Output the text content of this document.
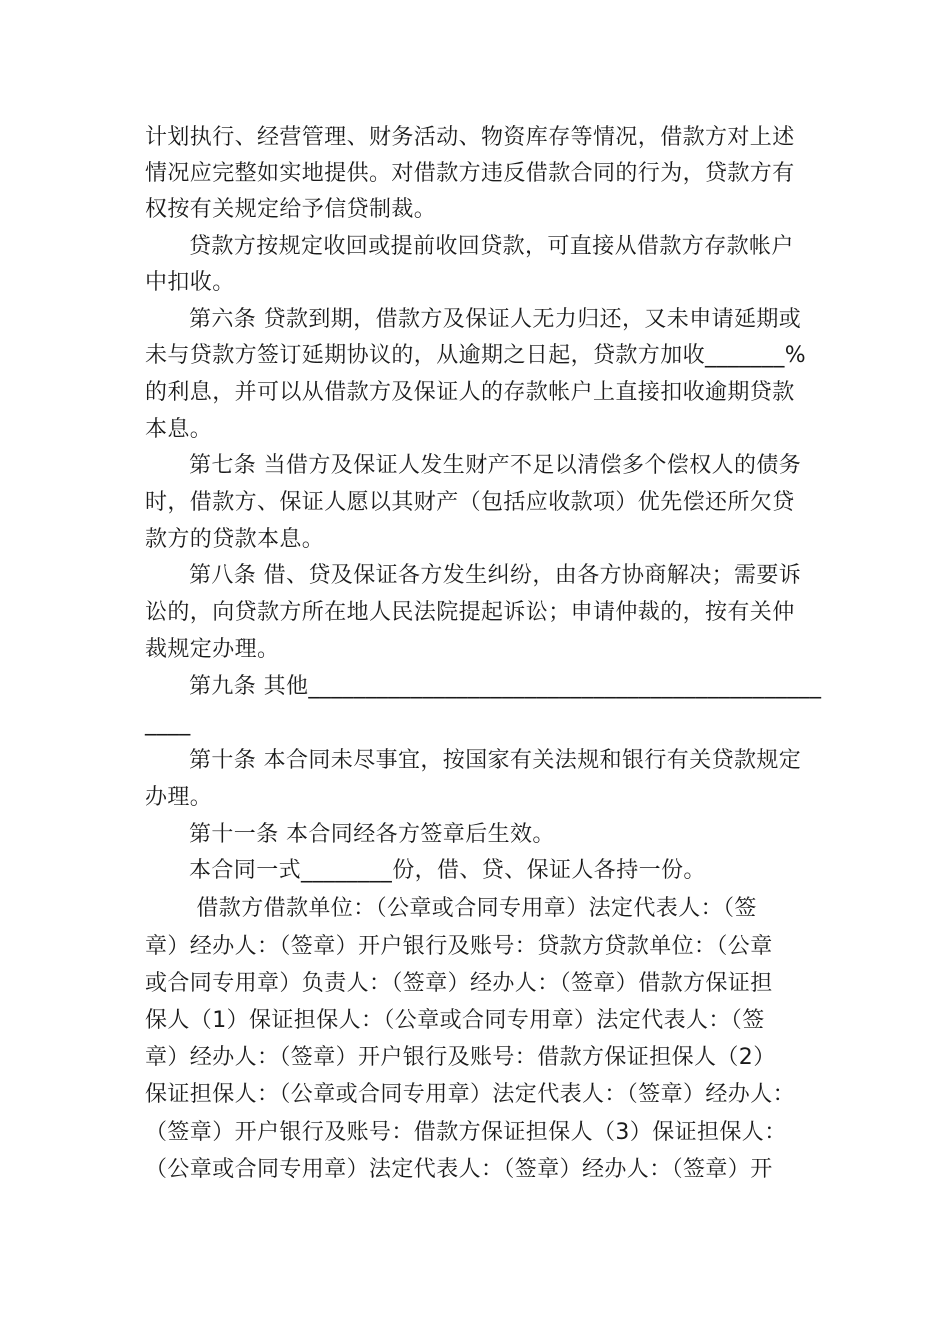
计划执行、经营管理、财务活动、物资库存等情况，借款方对上述
情况应完整如实地提供。对借款方违反借款合同的行为，贷款方有
权按有关规定给予信贷制裁。
贷款方按规定收回或提前收回贷款，可直接从借款方存款帐户
中扣收。
第六条 贷款到期，借款方及保证人无力归还，又未申请延期或
未与贷款方签订延期协议的，从逾期之日起，贷款方加收_______%
的利息，并可以从借款方及保证人的存款帐户上直接扣收逾期贷款
本息。
第七条 当借方及保证人发生财产不足以清偿多个偿权人的债务
时，借款方、保证人愿以其财产（包括应收款项）优先偿还所欠贷
款方的贷款本息。
第八条 借、贷及保证各方发生纠纷，由各方协商解决；需要诉
讼的，向贷款方所在地人民法院提起诉讼；申请仲裁的，按有关仲
裁规定办理。
第九条 其他_____________________________________________
____
第十条 本合同未尽事宜，按国家有关法规和银行有关贷款规定
办理。
第十一条 本合同经各方签章后生效。
本合同一式________份，借、贷、保证人各持一份。
借款方借款单位：（公章或合同专用章）法定代表人：（签
章）经办人：（签章）开户银行及账号：贷款方贷款单位：（公章
或合同专用章）负责人：（签章）经办人：（签章）借款方保证担
保人（1）保证担保人：（公章或合同专用章）法定代表人：（签
章）经办人：（签章）开户银行及账号：借款方保证担保人（2）
保证担保人：（公章或合同专用章）法定代表人：（签章）经办人：
（签章）开户银行及账号：借款方保证担保人（3）保证担保人：
（公章或合同专用章）法定代表人：（签章）经办人：（签章）开
